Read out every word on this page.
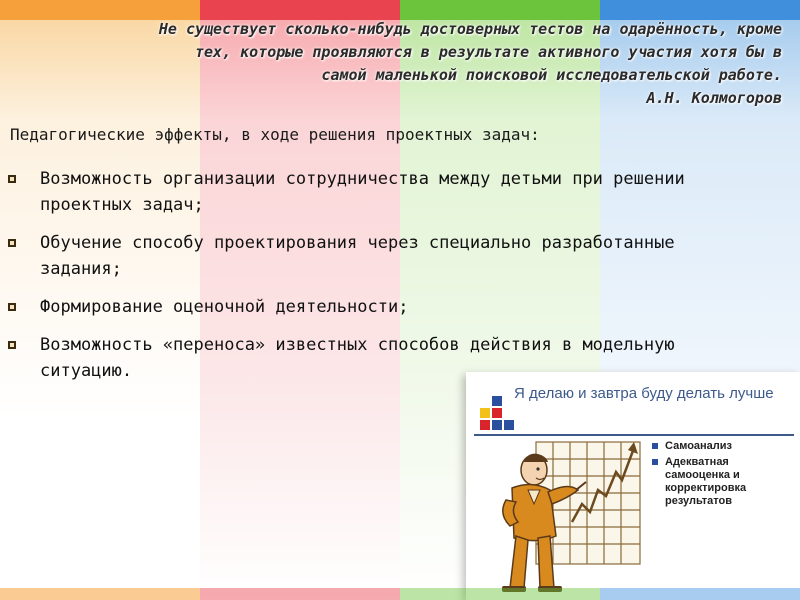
Не существует сколько-нибудь достоверных тестов на одарённость, кроме
тех, которые проявляются в результате активного участия хотя бы в
самой маленькой поисковой исследовательской работе.
А.Н. Колмогоров
Педагогические эффекты, в ходе решения проектных задач:
Возможность организации сотрудничества между детьми при решении проектных задач;
Обучение способу проектирования через специально разработанные задания;
Формирование оценочной деятельности;
Возможность «переноса» известных способов действия в модельную ситуацию.
Я делаю и завтра буду делать лучше
Самоанализ
Адекватная самооценка и корректировка результатов
